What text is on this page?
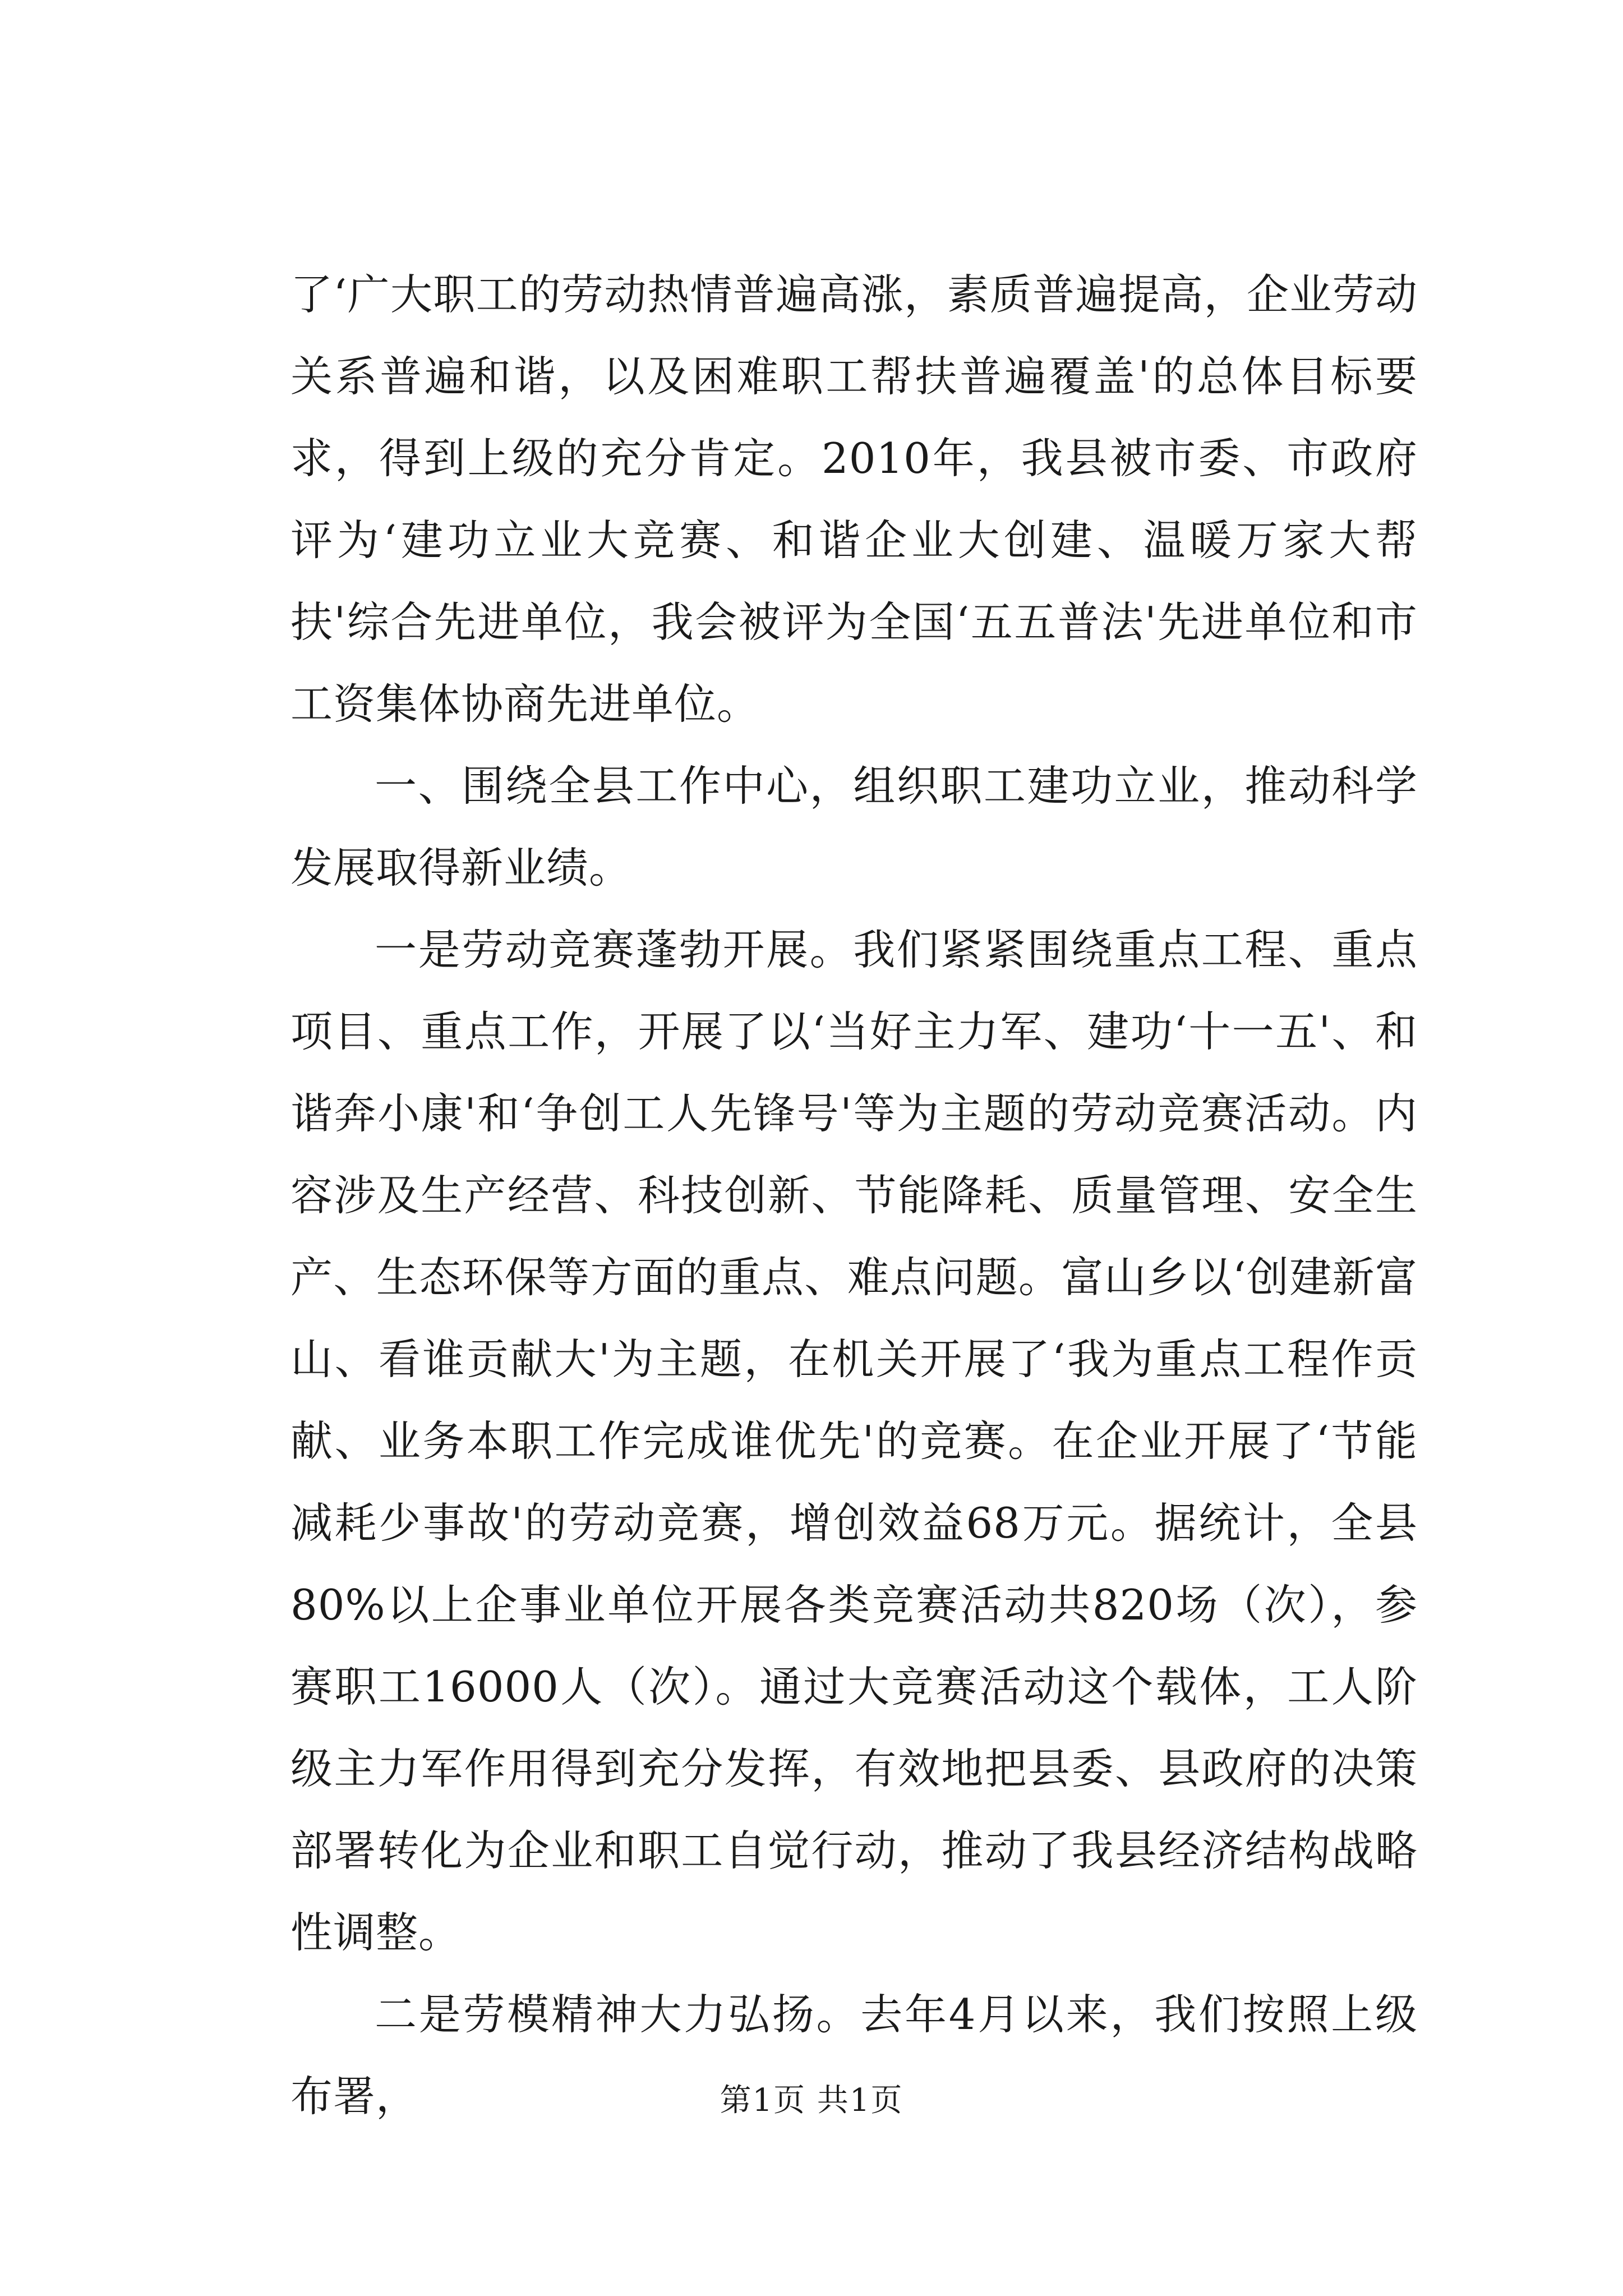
了‘广大职工的劳动热情普遍高涨，素质普遍提高，企业劳动关系普遍和谐，以及困难职工帮扶普遍覆盖'的总体目标要求，得到上级的充分肯定。2010年，我县被市委、市政府评为‘建功立业大竞赛、和谐企业大创建、温暖万家大帮扶'综合先进单位，我会被评为全国‘五五普法'先进单位和市工资集体协商先进单位。

一、围绕全县工作中心，组织职工建功立业，推动科学发展取得新业绩。

一是劳动竞赛蓬勃开展。我们紧紧围绕重点工程、重点项目、重点工作，开展了以‘当好主力军、建功‘十一五'、和谐奔小康'和‘争创工人先锋号'等为主题的劳动竞赛活动。内容涉及生产经营、科技创新、节能降耗、质量管理、安全生产、生态环保等方面的重点、难点问题。富山乡以‘创建新富山、看谁贡献大'为主题，在机关开展了‘我为重点工程作贡献、业务本职工作完成谁优先'的竞赛。在企业开展了‘节能减耗少事故'的劳动竞赛，增创效益68万元。据统计，全县80%以上企事业单位开展各类竞赛活动共820场（次），参赛职工16000人（次）。通过大竞赛活动这个载体，工人阶级主力军作用得到充分发挥，有效地把县委、县政府的决策部署转化为企业和职工自觉行动，推动了我县经济结构战略性调整。

二是劳模精神大力弘扬。去年4月以来，我们按照上级布署，	第1页 共1页
